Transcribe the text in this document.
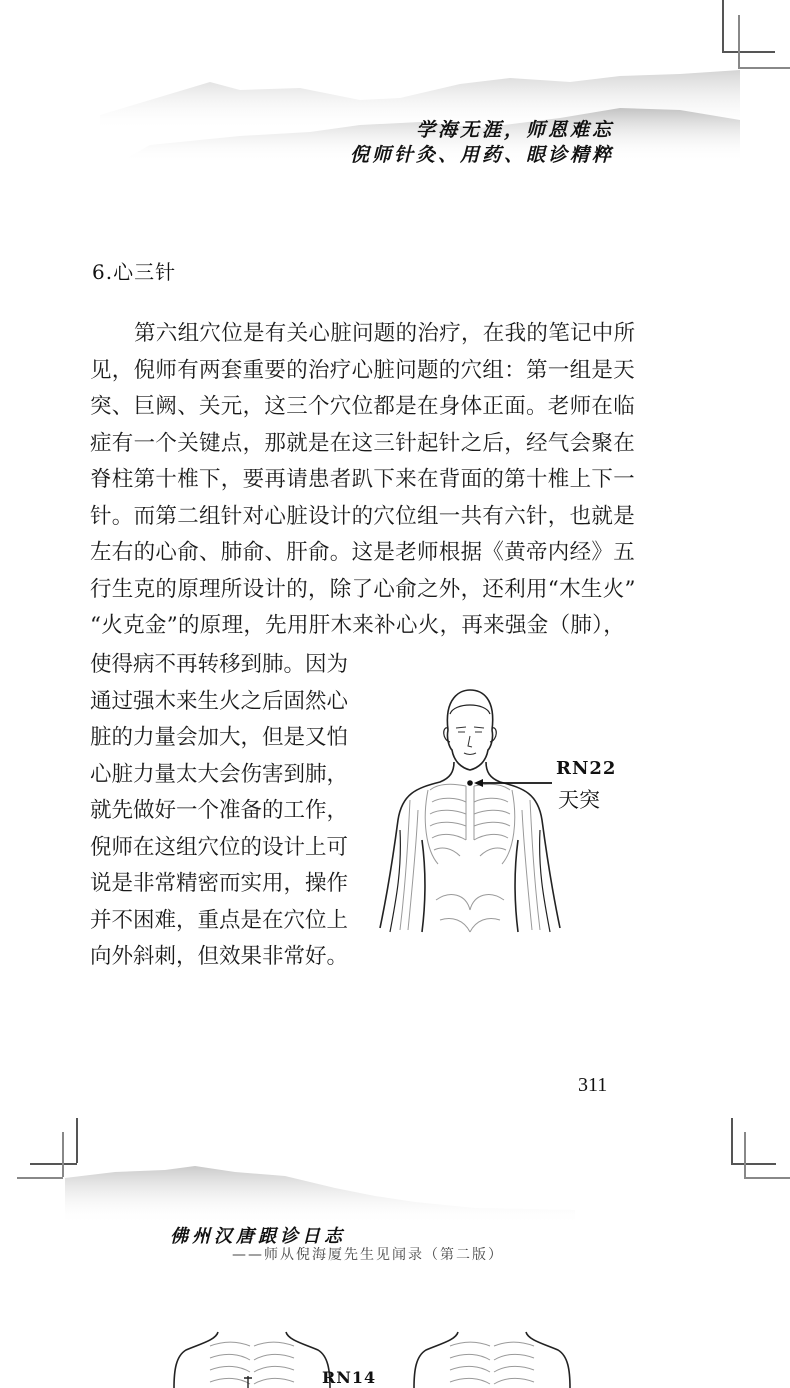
学海无涯，师恩难忘
倪师针灸、用药、眼诊精粹
6.心三针
第六组穴位是有关心脏问题的治疗，在我的笔记中所
见，倪师有两套重要的治疗心脏问题的穴组：第一组是天
突、巨阙、关元，这三个穴位都是在身体正面。老师在临
症有一个关键点，那就是在这三针起针之后，经气会聚在
脊柱第十椎下，要再请患者趴下来在背面的第十椎上下一
针。而第二组针对心脏设计的穴位组一共有六针，也就是
左右的心俞、肺俞、肝俞。这是老师根据《黄帝内经》五
行生克的原理所设计的，除了心俞之外，还利用“木生火”
“火克金”的原理，先用肝木来补心火，再来强金（肺），
使得病不再转移到肺。因为
通过强木来生火之后固然心
脏的力量会加大，但是又怕
心脏力量太大会伤害到肺，
就先做好一个准备的工作，
倪师在这组穴位的设计上可
说是非常精密而实用，操作
并不困难，重点是在穴位上
向外斜刺，但效果非常好。
RN22
天突
311
佛州汉唐跟诊日志
——师从倪海厦先生见闻录（第二版）
RN14
